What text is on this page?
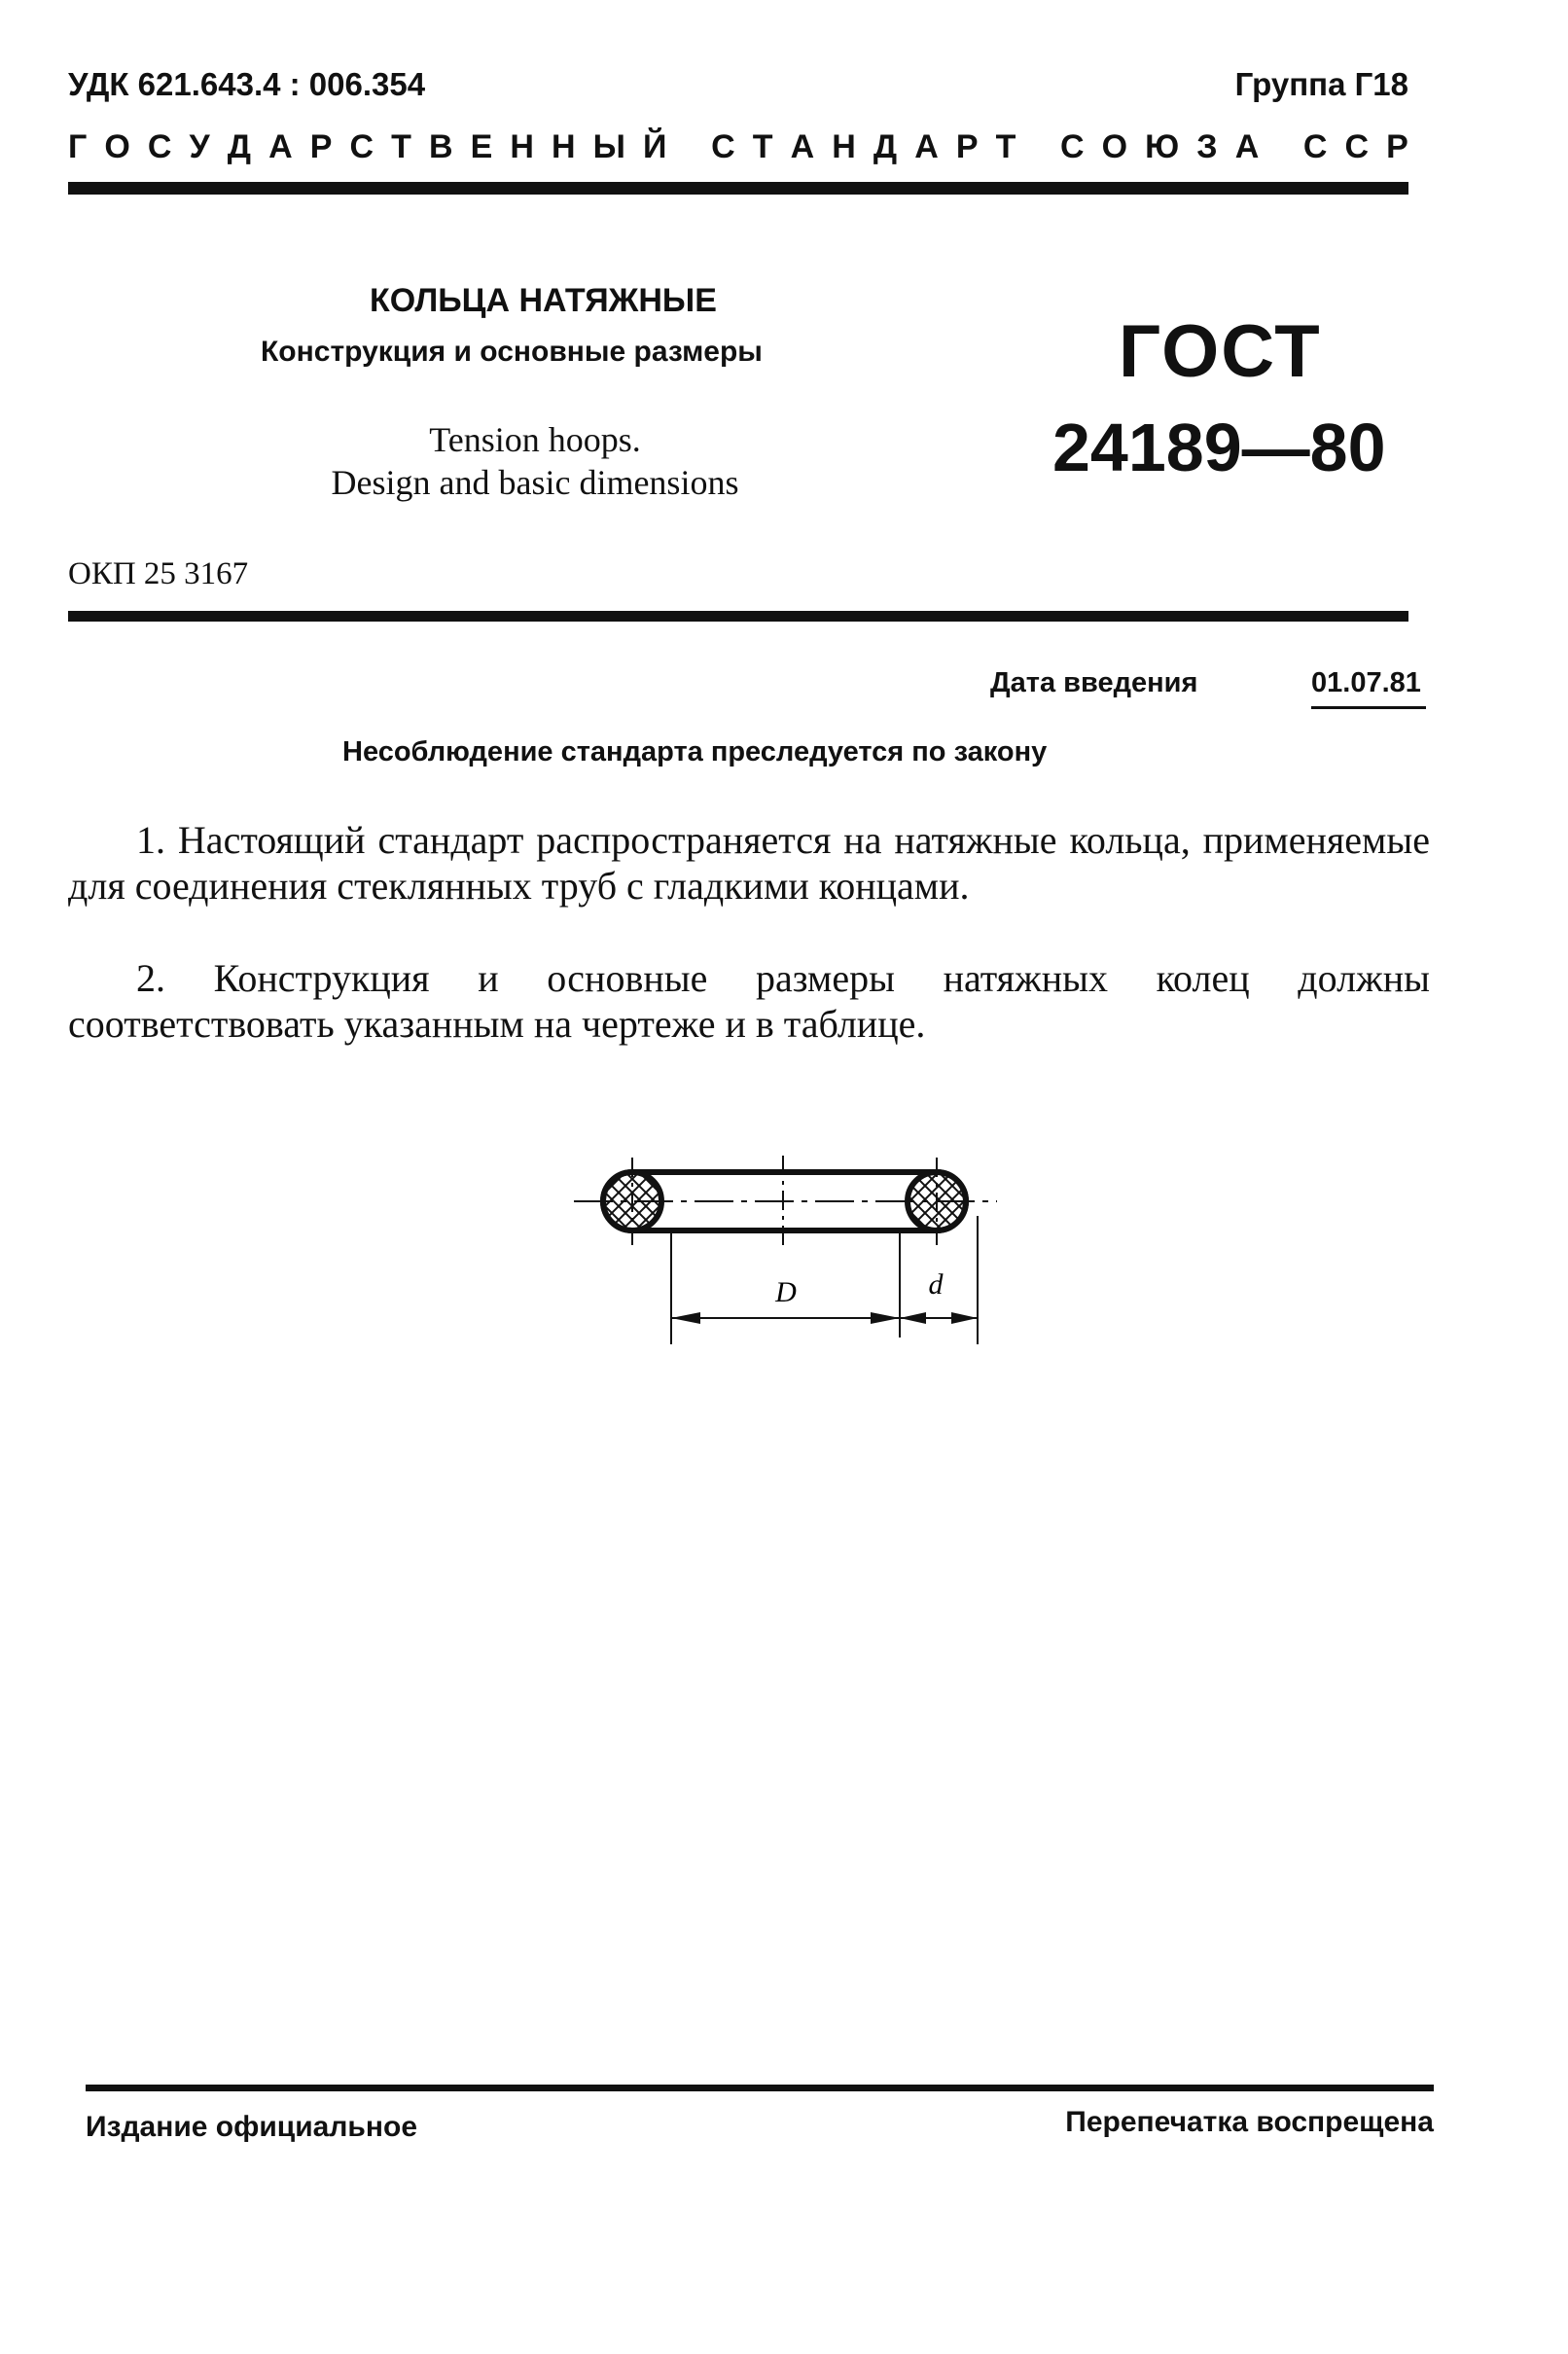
УДК 621.643.4 : 006.354	Группа Г18
Г О С У Д А Р С Т В Е Н Н Ы Й
С Т А Н Д А Р Т
С О Ю З А
С С Р
КОЛЬЦА НАТЯЖНЫЕ
Конструкция и основные размеры
Tension hoops.
Design and basic dimensions
ГОСТ
24189—80
ОКП 25 3167
Дата введения	01.07.81
Несоблюдение стандарта преследуется по закону
1. Настоящий стандарт распространяется на натяжные кольца, применяемые для соединения стеклянных труб с гладкими концами.
2. Конструкция и основные размеры натяжных колец должны соответствовать указанным на чертеже и в таблице.
D	d
Издание официальное	Перепечатка воспрещена
